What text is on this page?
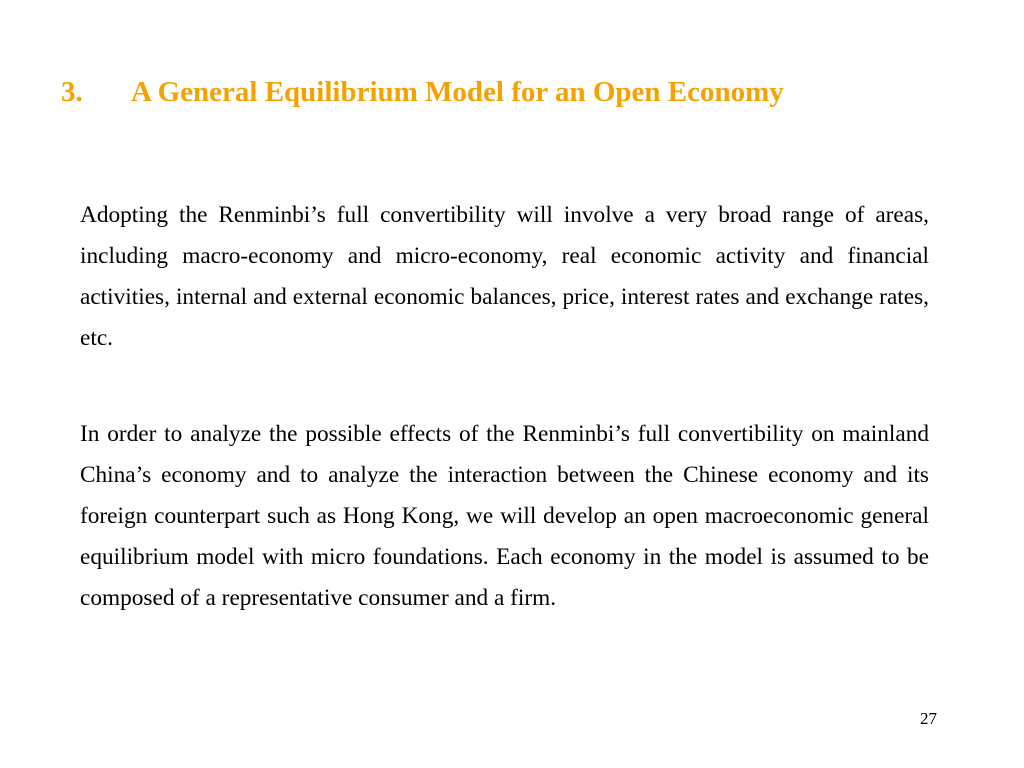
3. A General Equilibrium Model for an Open Economy

Adopting the Renminbi’s full convertibility will involve a very broad range of areas, including macro-economy and micro-economy, real economic activity and financial activities, internal and external economic balances, price, interest rates and exchange rates, etc.

In order to analyze the possible effects of the Renminbi’s full convertibility on mainland China’s economy and to analyze the interaction between the Chinese economy and its foreign counterpart such as Hong Kong, we will develop an open macroeconomic general equilibrium model with micro foundations. Each economy in the model is assumed to be composed of a representative consumer and a firm.

27
